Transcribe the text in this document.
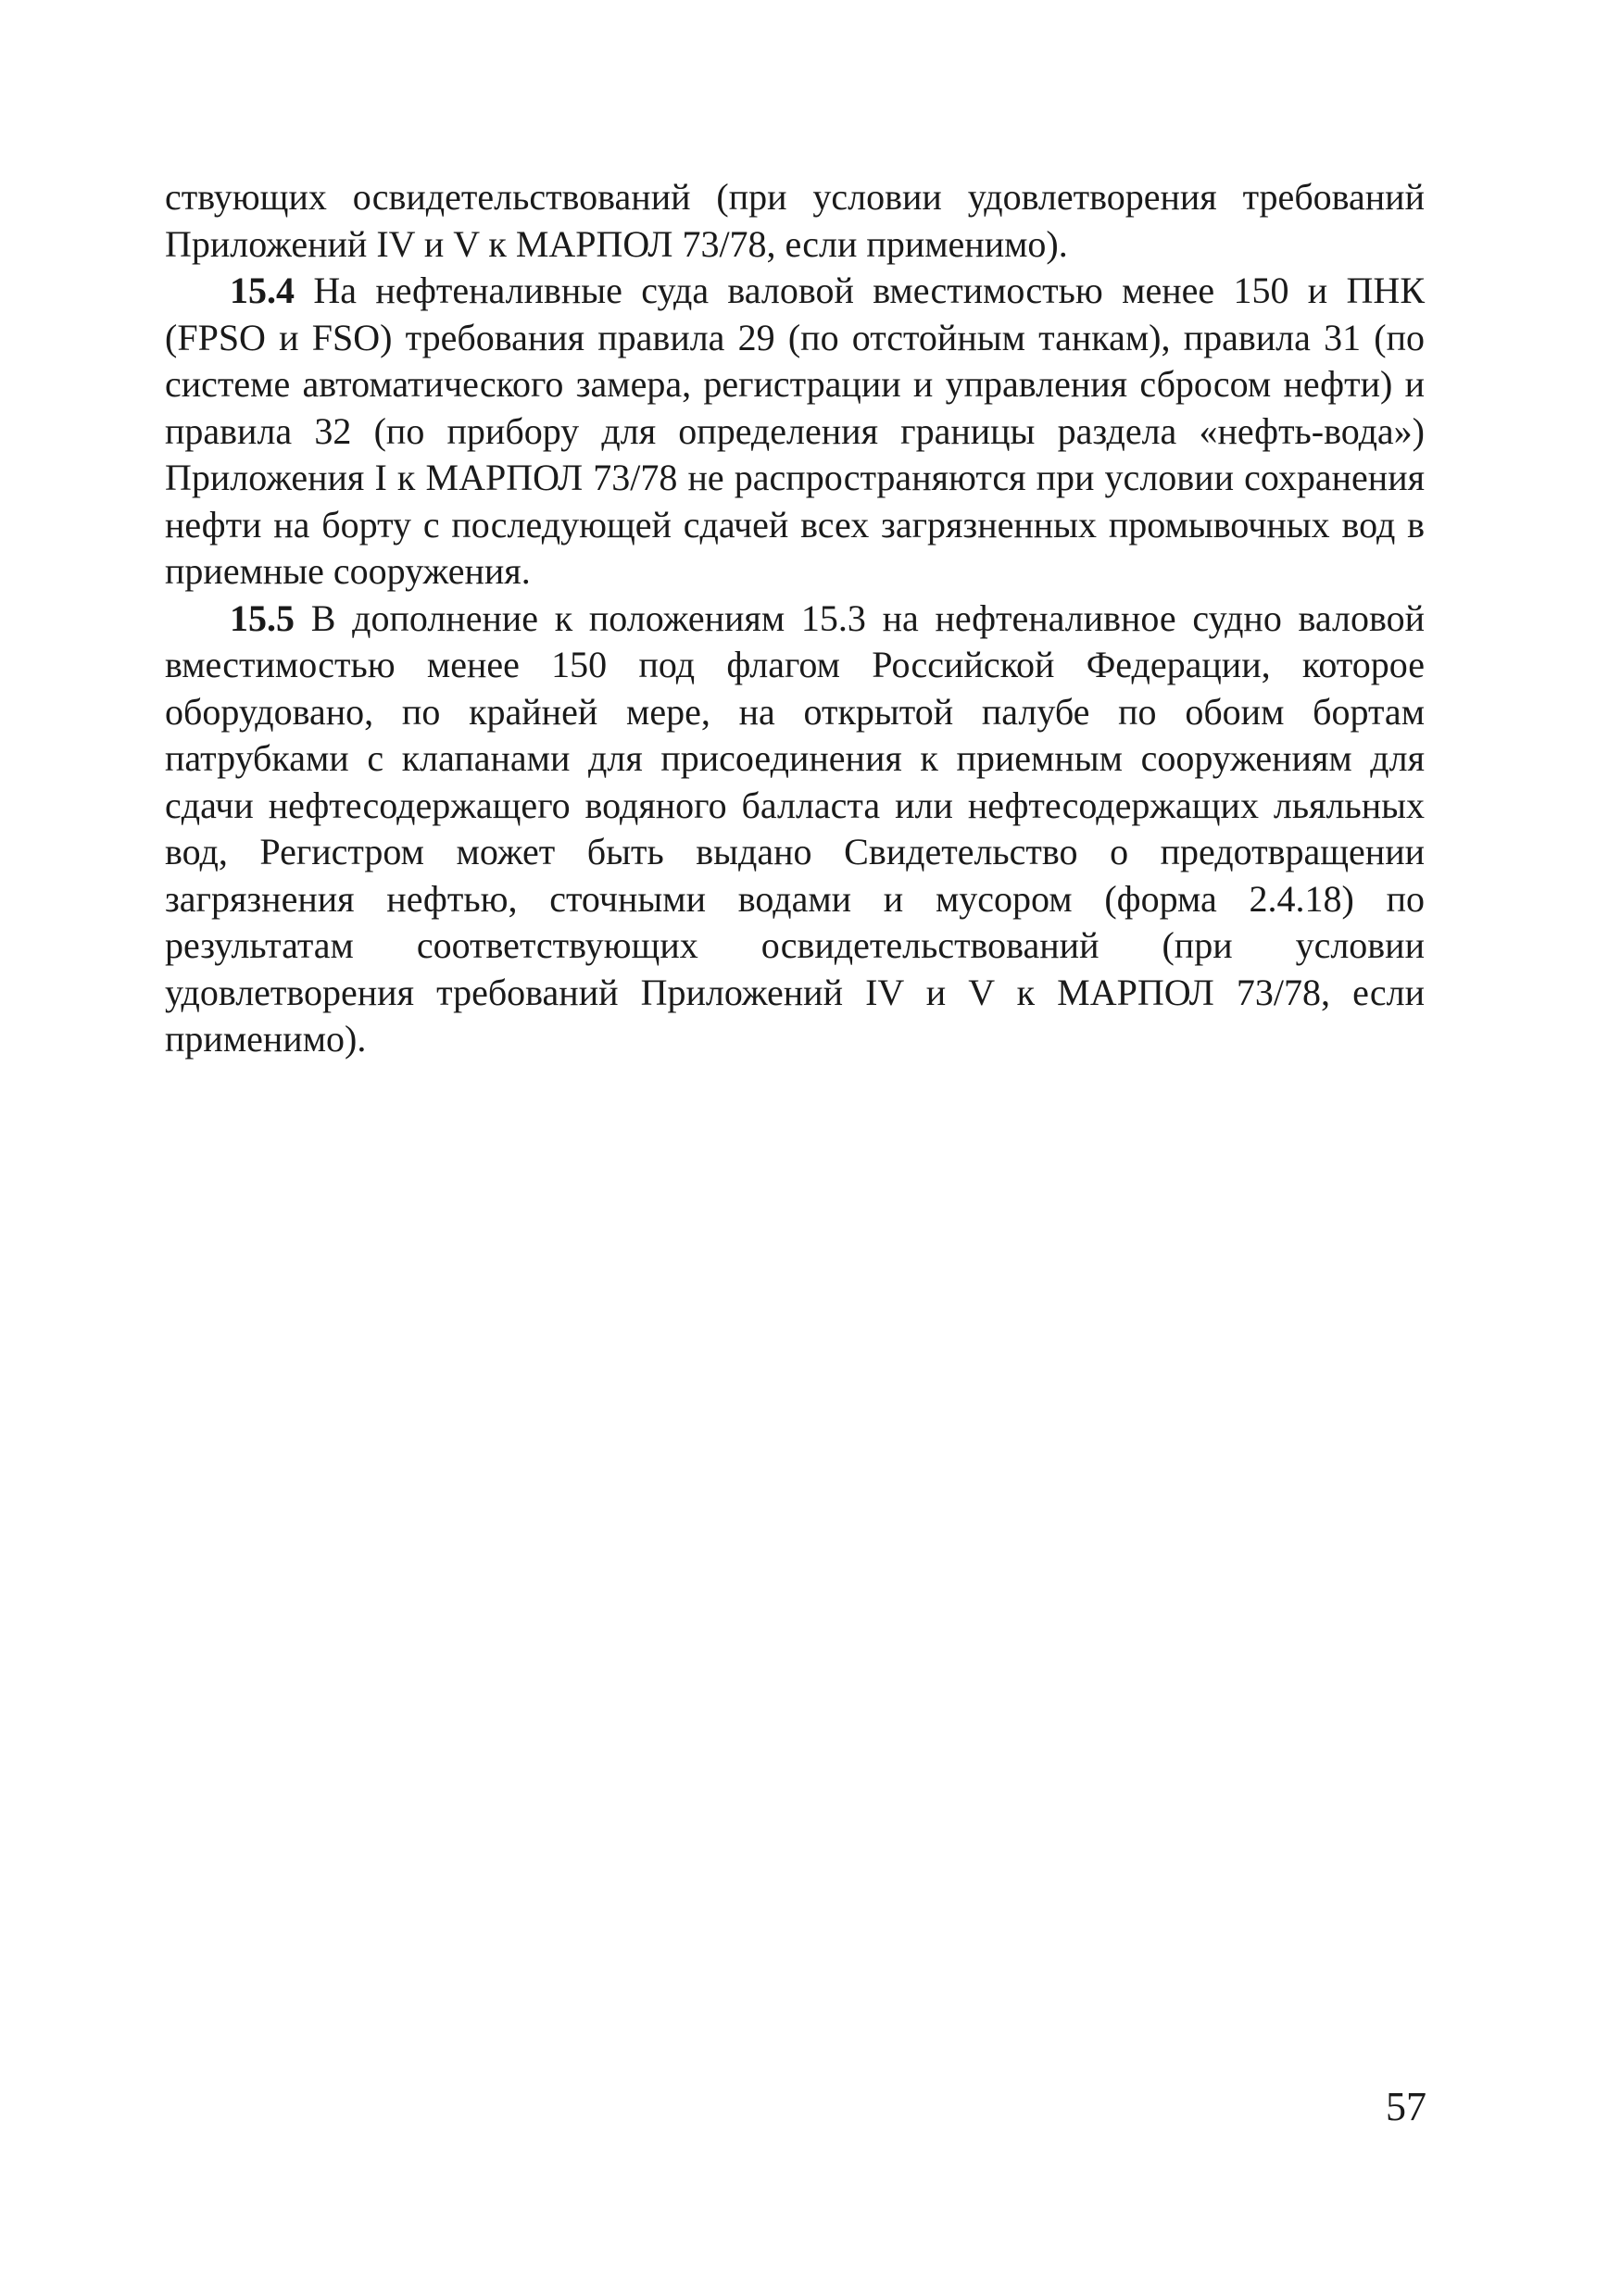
ствующих освидетельствований (при условии удовлетворения требований Приложений IV и V к МАРПОЛ 73/78, если применимо).

15.4 На нефтеналивные суда валовой вместимостью менее 150 и ПНК (FPSO и FSO) требования правила 29 (по отстойным танкам), правила 31 (по системе автоматического замера, регистрации и управления сбросом нефти) и правила 32 (по прибору для определения границы раздела «нефть-вода») Приложения I к МАРПОЛ 73/78 не распространяются при условии сохранения нефти на борту с последующей сдачей всех загрязненных промывочных вод в приемные сооружения.

15.5 В дополнение к положениям 15.3 на нефтеналивное судно валовой вместимостью менее 150 под флагом Российской Федерации, которое оборудовано, по крайней мере, на открытой палубе по обоим бортам патрубками с клапанами для присоединения к приемным сооружениям для сдачи нефтесодержащего водяного балласта или нефтесодержащих льяльных вод, Регистром может быть выдано Свидетельство о предотвращении загрязнения нефтью, сточными водами и мусором (форма 2.4.18) по результатам соответствующих освидетельствований (при условии удовлетворения требований Приложений IV и V к МАРПОЛ 73/78, если применимо).

57
